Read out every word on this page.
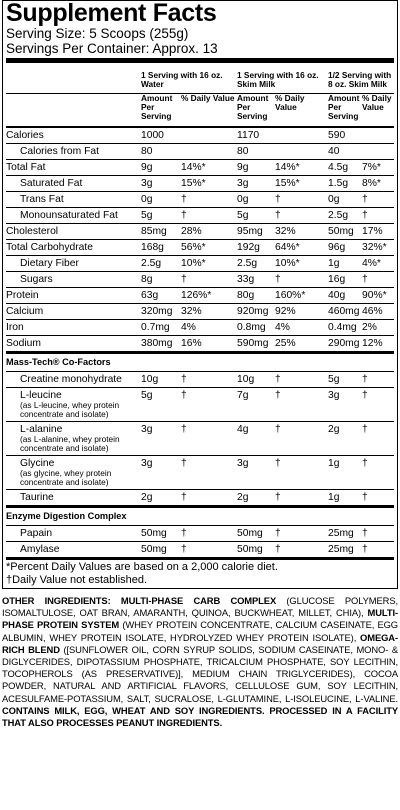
Supplement Facts
Serving Size: 5 Scoops (255g)
Servings Per Container: Approx. 13
	1 Serving with 16 oz. Water		1 Serving with 16 oz. Skim Milk		1/2 Serving with 8 oz. Skim Milk	
	Amount Per Serving	% Daily Value	Amount Per Serving	% Daily Value	Amount Per Serving	% Daily Value

Calories	1000		1170		590	

Calories from Fat	80		80		40	

Total Fat	9g	14%*	9g	14%*	4.5g	7%*

Saturated Fat	3g	15%*	3g	15%*	1.5g	8%*

Trans Fat	0g	†	0g	†	0g	†

Monounsaturated Fat	5g	†	5g	†	2.5g	†

Cholesterol	85mg	28%	95mg	32%	50mg	17%

Total Carbohydrate	168g	56%*	192g	64%*	96g	32%*

Dietary Fiber	2.5g	10%*	2.5g	10%*	1g	4%*

Sugars	8g	†	33g	†	16g	†

Protein	63g	126%*	80g	160%*	40g	90%*

Calcium	320mg	32%	920mg	92%	460mg	46%

Iron	0.7mg	4%	0.8mg	4%	0.4mg	2%

Sodium	380mg	16%	590mg	25%	290mg	12%
Mass-Tech® Co-Factors						

Creatine monohydrate	10g	†	10g	†	5g	†

L-leucine
(as L-leucine, whey protein concentrate and isolate)	5g	†	7g	†	3g	†

L-alanine
(as L-alanine, whey protein concentrate and isolate)	3g	†	4g	†	2g	†

Glycine
(as glycine, whey protein concentrate and isolate)	3g	†	3g	†	1g	†

Taurine	2g	†	2g	†	1g	†
Enzyme Digestion Complex						

Papain	50mg	†	50mg	†	25mg	†

Amylase	50mg	†	50mg	†	25mg	†
*Percent Daily Values are based on a 2,000 calorie diet.
†Daily Value not established.
OTHER INGREDIENTS: MULTI-PHASE CARB COMPLEX (GLUCOSE POLYMERS, ISOMALTULOSE, OAT BRAN, AMARANTH, QUINOA, BUCKWHEAT, MILLET, CHIA), MULTI-PHASE PROTEIN SYSTEM (WHEY PROTEIN CONCENTRATE, CALCIUM CASEINATE, EGG ALBUMIN, WHEY PROTEIN ISOLATE, HYDROLYZED WHEY PROTEIN ISOLATE), OMEGA-RICH BLEND ([SUNFLOWER OIL, CORN SYRUP SOLIDS, SODIUM CASEINATE, MONO- & DIGLYCERIDES, DIPOTASSIUM PHOSPHATE, TRICALCIUM PHOSPHATE, SOY LECITHIN, TOCOPHEROLS (AS PRESERVATIVE)], MEDIUM CHAIN TRIGLYCERIDES), COCOA POWDER, NATURAL AND ARTIFICIAL FLAVORS, CELLULOSE GUM, SOY LECITHIN, ACESULFAME-POTASSIUM, SALT, SUCRALOSE, L-GLUTAMINE, L-ISOLEUCINE, L-VALINE. CONTAINS MILK, EGG, WHEAT AND SOY INGREDIENTS. PROCESSED IN A FACILITY THAT ALSO PROCESSES PEANUT INGREDIENTS.
